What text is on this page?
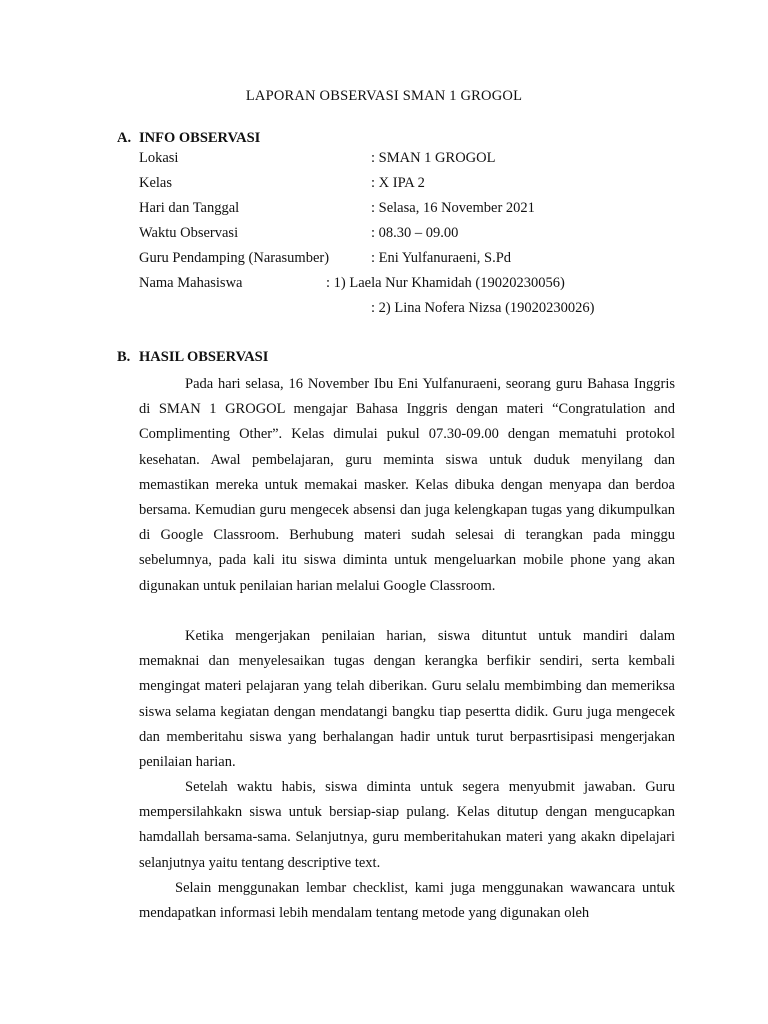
LAPORAN OBSERVASI SMAN 1 GROGOL
A. INFO OBSERVASI
Lokasi	: SMAN 1 GROGOL
Kelas	: X IPA 2
Hari dan Tanggal	: Selasa, 16 November 2021
Waktu Observasi	: 08.30 – 09.00
Guru Pendamping (Narasumber)	: Eni Yulfanuraeni, S.Pd
Nama Mahasiswa	: 1) Laela Nur Khamidah (19020230056)
: 2) Lina Nofera Nizsa (19020230026)
B. HASIL OBSERVASI

Pada hari selasa, 16 November Ibu Eni Yulfanuraeni, seorang guru Bahasa Inggris di SMAN 1 GROGOL mengajar Bahasa Inggris dengan materi “Congratulation and Complimenting Other”. Kelas dimulai pukul 07.30-09.00 dengan mematuhi protokol kesehatan. Awal pembelajaran, guru meminta siswa untuk duduk menyilang dan memastikan mereka untuk memakai masker. Kelas dibuka dengan menyapa dan berdoa bersama. Kemudian guru mengecek absensi dan juga kelengkapan tugas yang dikumpulkan di Google Classroom. Berhubung materi sudah selesai di terangkan pada minggu sebelumnya, pada kali itu siswa diminta untuk mengeluarkan mobile phone yang akan digunakan untuk penilaian harian melalui Google Classroom.

Ketika mengerjakan penilaian harian, siswa dituntut untuk mandiri dalam memaknai dan menyelesaikan tugas dengan kerangka berfikir sendiri, serta kembali mengingat materi pelajaran yang telah diberikan. Guru selalu membimbing dan memeriksa siswa selama kegiatan dengan mendatangi bangku tiap pesertta didik. Guru juga mengecek dan memberitahu siswa yang berhalangan hadir untuk turut berpasrtisipasi mengerjakan penilaian harian.

Setelah waktu habis, siswa diminta untuk segera menyubmit jawaban. Guru mempersilahkakn siswa untuk bersiap-siap pulang. Kelas ditutup dengan mengucapkan hamdallah bersama-sama. Selanjutnya, guru memberitahukan materi yang akakn dipelajari selanjutnya yaitu tentang descriptive text.

Selain menggunakan lembar checklist, kami juga menggunakan wawancara untuk mendapatkan informasi lebih mendalam tentang metode yang digunakan oleh
